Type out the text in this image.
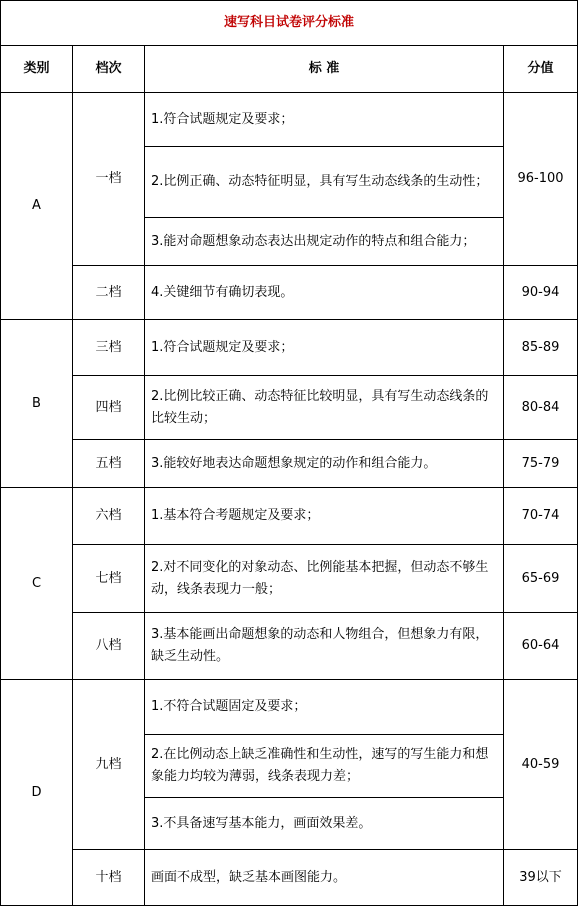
速写科目试卷评分标准			
类别	档次	标 准	分值
A	一档	1.符合试题规定及要求；	96-100
		2.比例正确、动态特征明显，具有写生动态线条的生动性；	
		3.能对命题想象动态表达出规定动作的特点和组合能力；	
	二档	4.关键细节有确切表现。	90-94
B	三档	1.符合试题规定及要求；	85-89
	四档	2.比例比较正确、动态特征比较明显，具有写生动态线条的比较生动；	80-84
	五档	3.能较好地表达命题想象规定的动作和组合能力。	75-79
C	六档	1.基本符合考题规定及要求；	70-74
	七档	2.对不同变化的对象动态、比例能基本把握，但动态不够生动，线条表现力一般；	65-69
	八档	3.基本能画出命题想象的动态和人物组合，但想象力有限，缺乏生动性。	60-64
D	九档	1.不符合试题固定及要求；	40-59
		2.在比例动态上缺乏准确性和生动性，速写的写生能力和想象能力均较为薄弱，线条表现力差；	
		3.不具备速写基本能力，画面效果差。	
	十档	画面不成型，缺乏基本画图能力。	39以下
